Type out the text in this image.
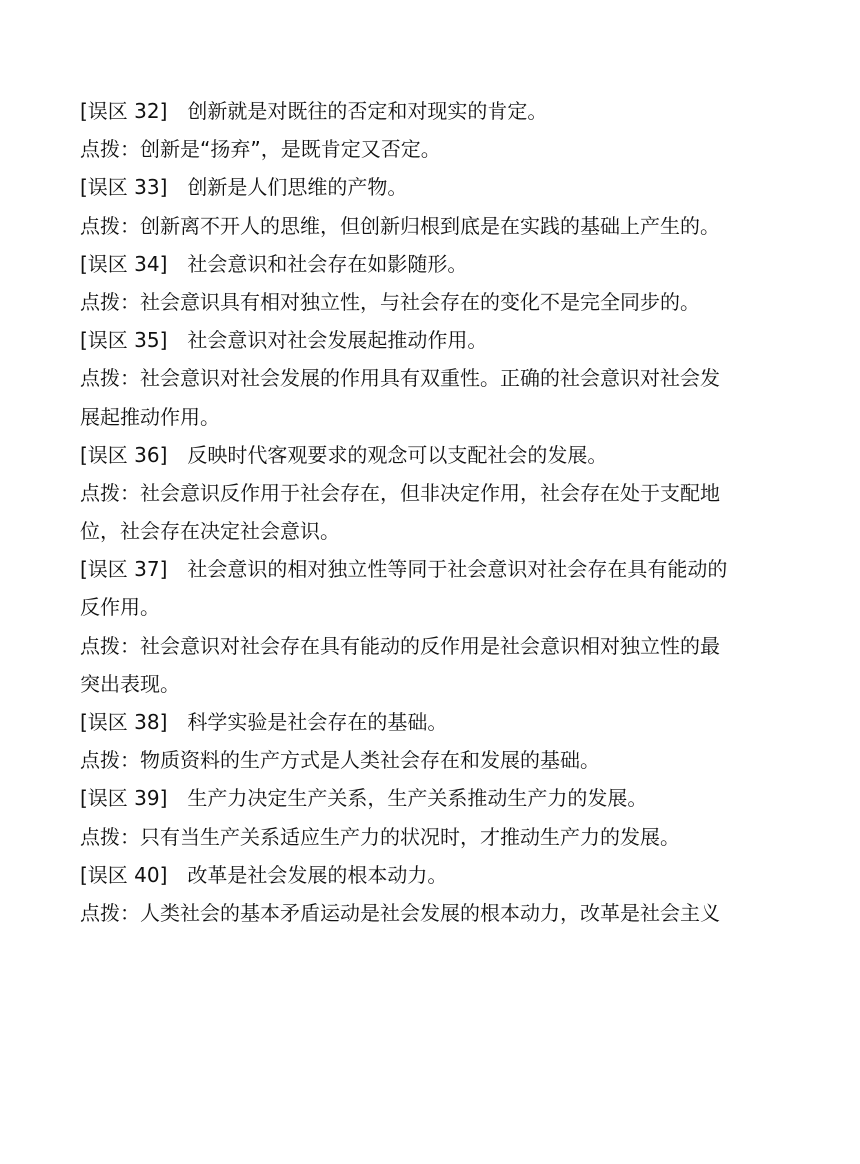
[误区 32] 创新就是对既往的否定和对现实的肯定。
点拨：创新是“扬弃”，是既肯定又否定。
[误区 33] 创新是人们思维的产物。
点拨：创新离不开人的思维，但创新归根到底是在实践的基础上产生的。
[误区 34] 社会意识和社会存在如影随形。
点拨：社会意识具有相对独立性，与社会存在的变化不是完全同步的。
[误区 35] 社会意识对社会发展起推动作用。
点拨：社会意识对社会发展的作用具有双重性。正确的社会意识对社会发
展起推动作用。
[误区 36] 反映时代客观要求的观念可以支配社会的发展。
点拨：社会意识反作用于社会存在，但非决定作用，社会存在处于支配地
位，社会存在决定社会意识。
[误区 37] 社会意识的相对独立性等同于社会意识对社会存在具有能动的
反作用。
点拨：社会意识对社会存在具有能动的反作用是社会意识相对独立性的最
突出表现。
[误区 38] 科学实验是社会存在的基础。
点拨：物质资料的生产方式是人类社会存在和发展的基础。
[误区 39] 生产力决定生产关系，生产关系推动生产力的发展。
点拨：只有当生产关系适应生产力的状况时，才推动生产力的发展。
[误区 40] 改革是社会发展的根本动力。
点拨：人类社会的基本矛盾运动是社会发展的根本动力，改革是社会主义
